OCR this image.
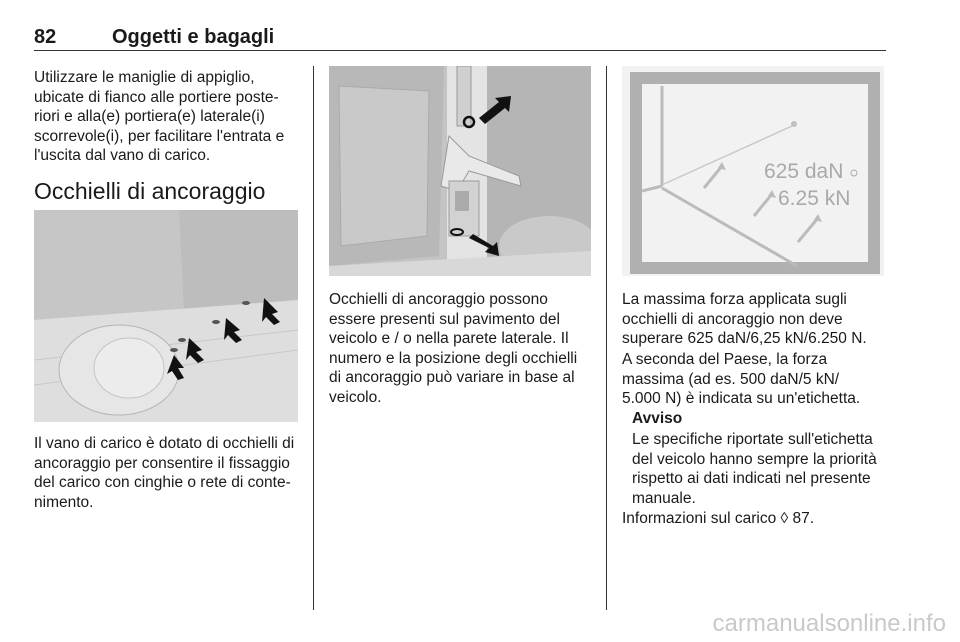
82	Oggetti e bagagli
Utilizzare le maniglie di appiglio,
ubicate di fianco alle portiere poste-
riori e alla(e) portiera(e) laterale(i)
scorrevole(i), per facilitare l'entrata e
l'uscita dal vano di carico.
Occhielli di ancoraggio
Il vano di carico è dotato di occhielli di
ancoraggio per consentire il fissaggio
del carico con cinghie o rete di conte-
nimento.
Occhielli di ancoraggio possono
essere presenti sul pavimento del
veicolo e / o nella parete laterale. Il
numero e la posizione degli occhielli
di ancoraggio può variare in base al
veicolo.
625 daN
6.25 kN
La massima forza applicata sugli
occhielli di ancoraggio non deve
superare 625 daN/6,25 kN/6.250 N.
A seconda del Paese, la forza
massima (ad es. 500 daN/5 kN/
5.000 N) è indicata su un'etichetta.
Avviso
Le specifiche riportate sull'etichetta
del veicolo hanno sempre la priorità
rispetto ai dati indicati nel presente
manuale.
Informazioni sul carico ◊ 87.
carmanualsonline.info
